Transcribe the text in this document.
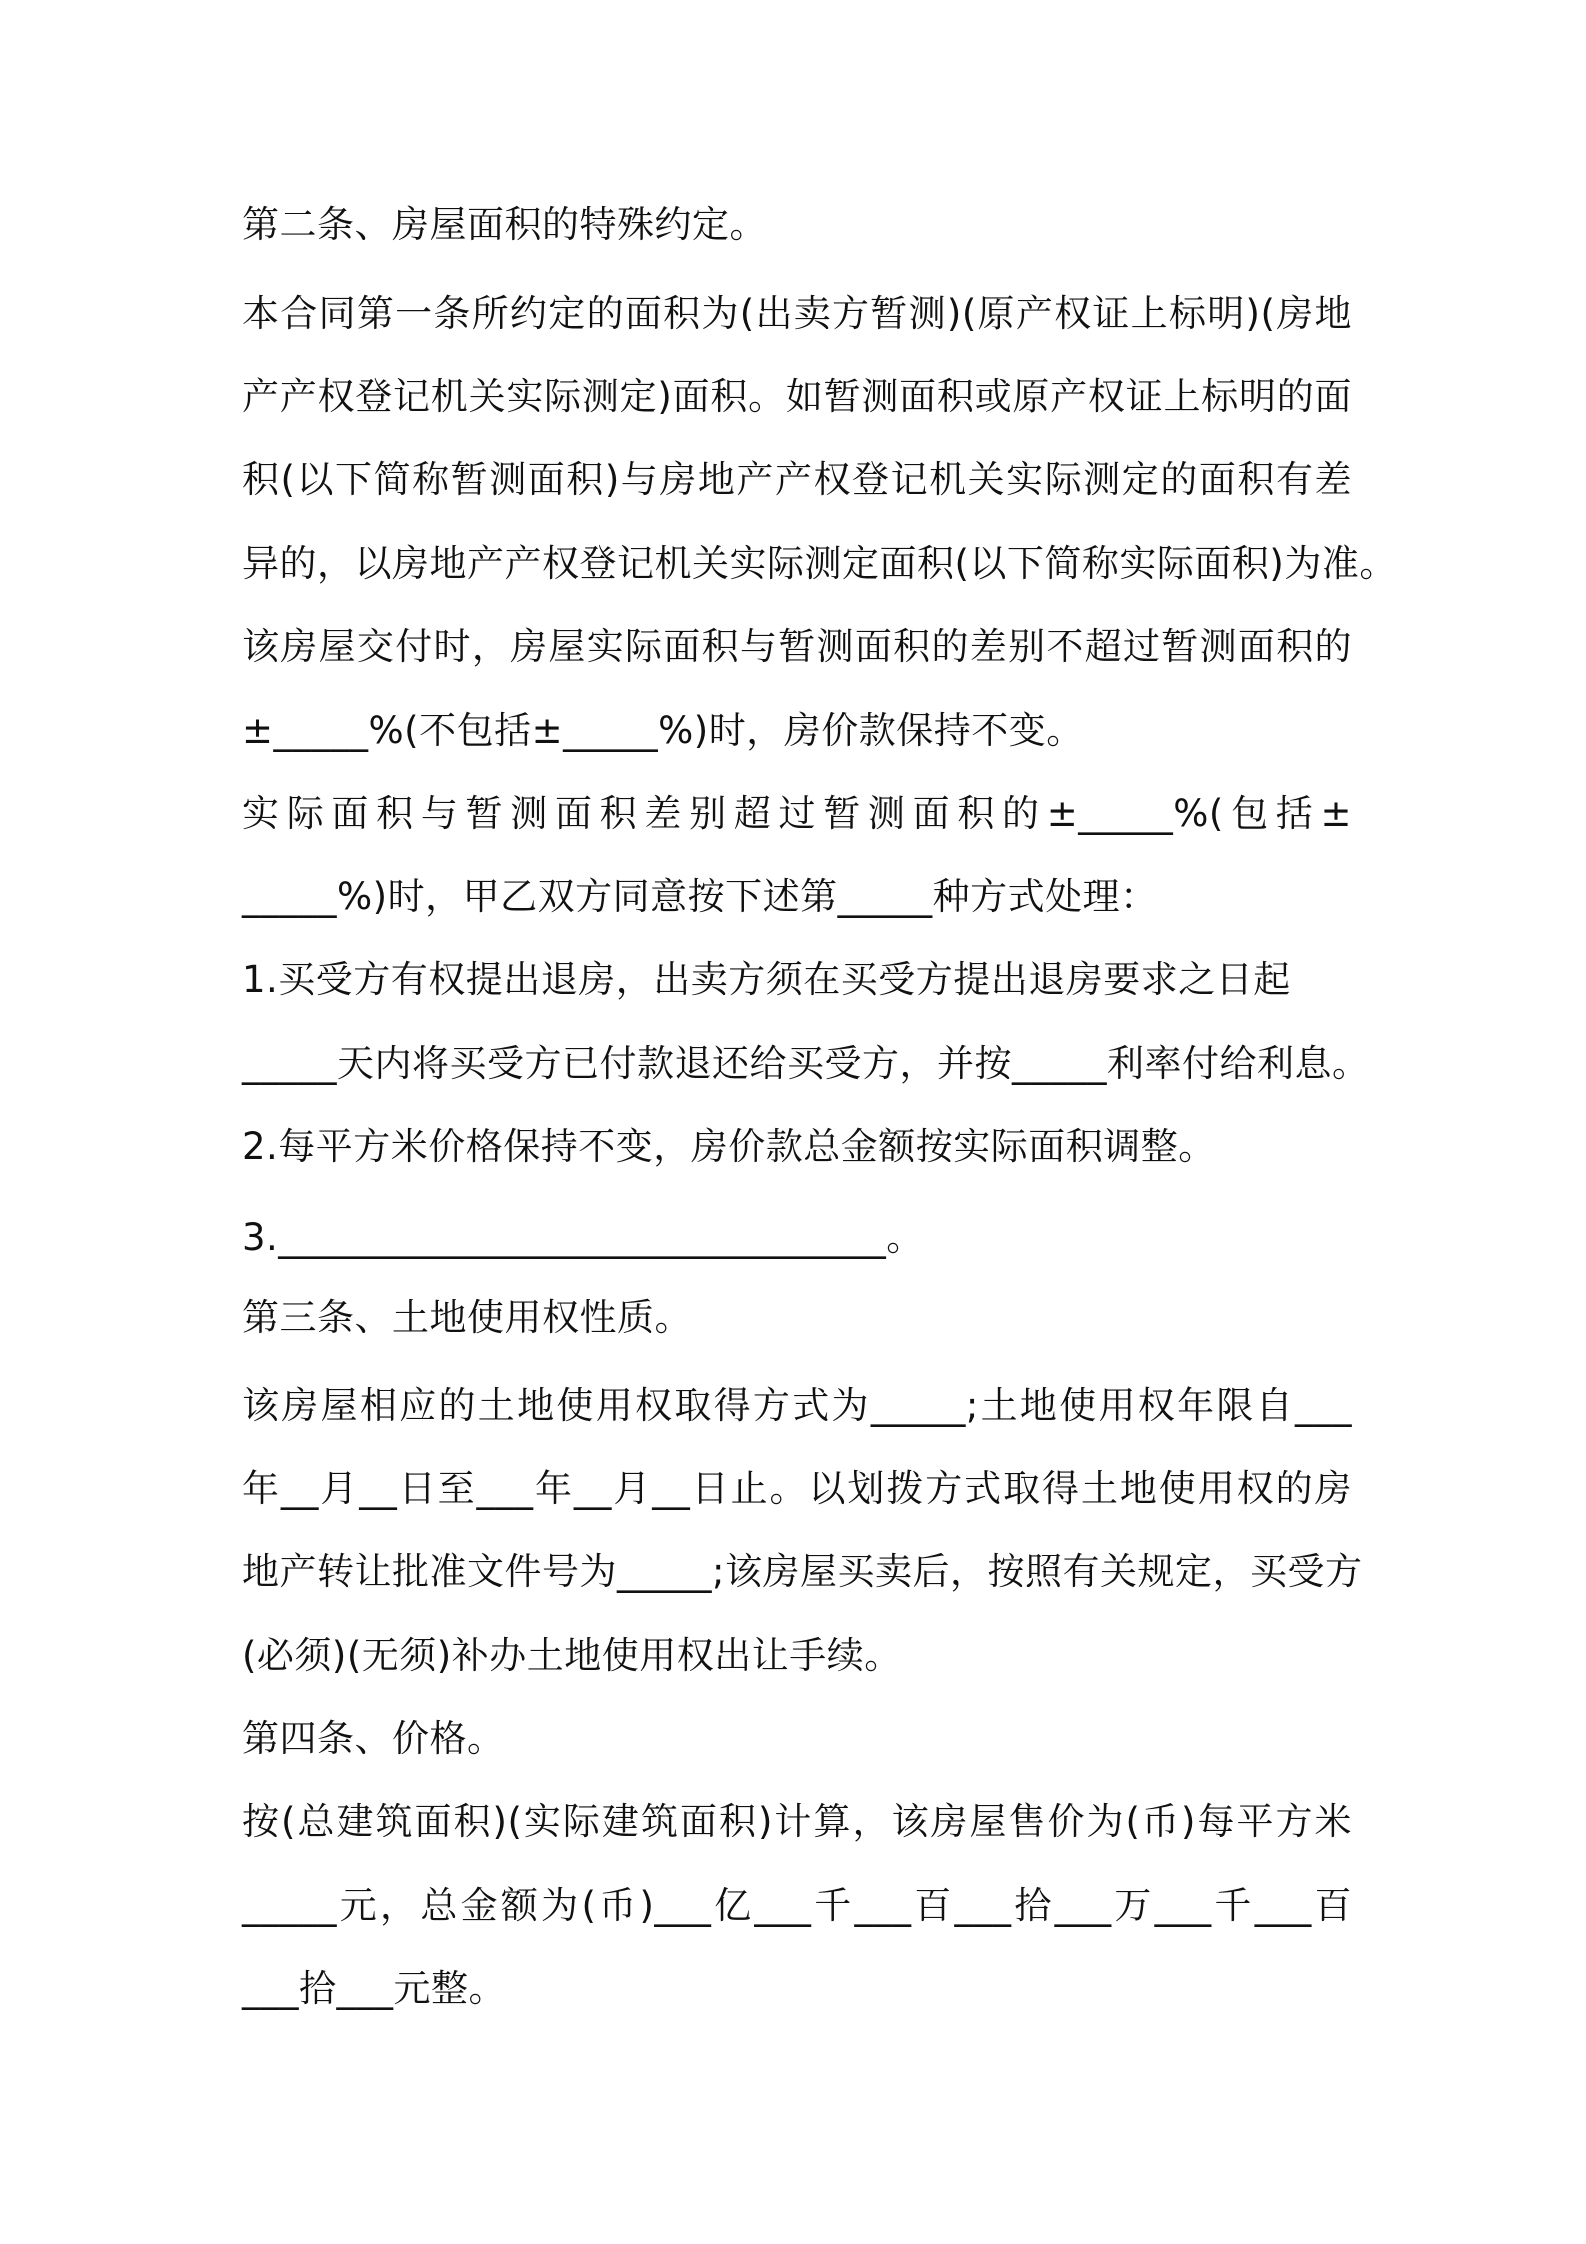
第二条、房屋面积的特殊约定。

本合同第一条所约定的面积为(出卖方暂测)(原产权证上标明)(房地

产产权登记机关实际测定)面积。如暂测面积或原产权证上标明的面

积(以下简称暂测面积)与房地产产权登记机关实际测定的面积有差

异的，以房地产产权登记机关实际测定面积(以下简称实际面积)为准。

该房屋交付时，房屋实际面积与暂测面积的差别不超过暂测面积的

±_____%(不包括±_____%)时，房价款保持不变。

实际面积与暂测面积差别超过暂测面积的±_____%(包括±

_____%)时，甲乙双方同意按下述第_____种方式处理：

1.买受方有权提出退房，出卖方须在买受方提出退房要求之日起

_____天内将买受方已付款退还给买受方，并按_____利率付给利息。

2.每平方米价格保持不变，房价款总金额按实际面积调整。

3.________________________________。

第三条、土地使用权性质。

该房屋相应的土地使用权取得方式为_____;土地使用权年限自___

年__月__日至___年__月__日止。以划拨方式取得土地使用权的房

地产转让批准文件号为_____;该房屋买卖后，按照有关规定，买受方

(必须)(无须)补办土地使用权出让手续。

第四条、价格。

按(总建筑面积)(实际建筑面积)计算，该房屋售价为(币)每平方米

_____元，总金额为(币)___亿___千___百___拾___万___千___百

___拾___元整。
